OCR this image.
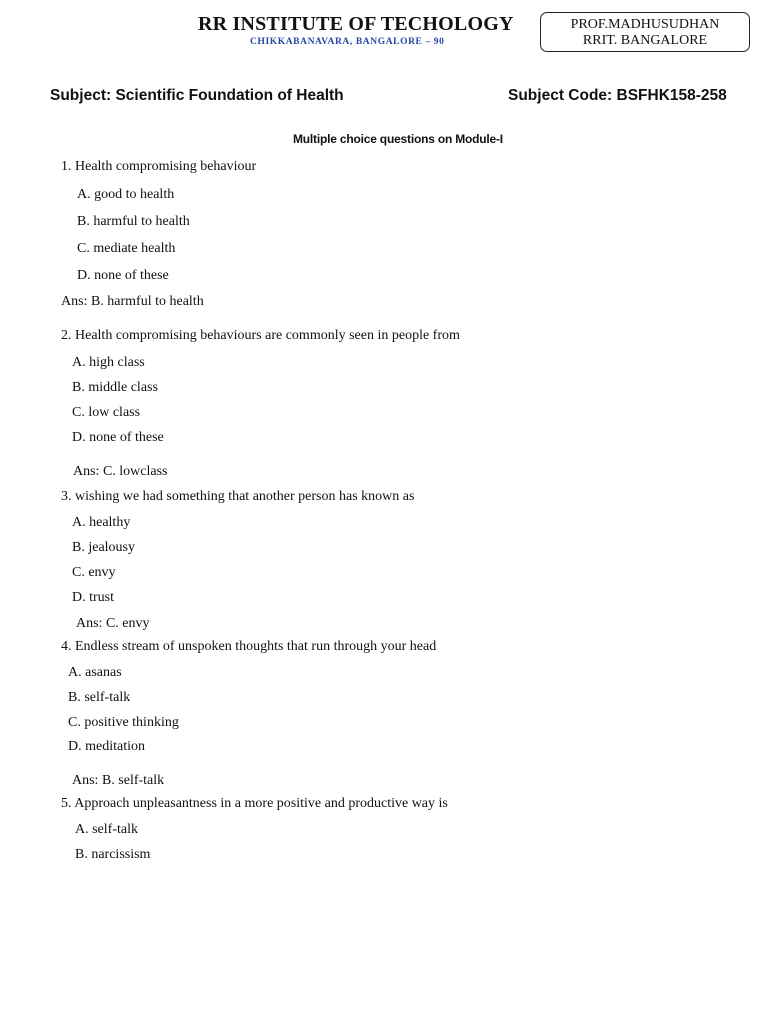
RR INSTITUTE OF TECHOLOGY
CHIKKABANAVARA, BANGALORE – 90
PROF.MADHUSUDHAN
RRIT. BANGALORE
Subject: Scientific Foundation of Health	Subject Code: BSFHK158-258
Multiple choice questions on Module-I
1. Health compromising behaviour
A. good to health
B. harmful to health
C. mediate health
D. none of these
Ans: B. harmful to health
2. Health compromising behaviours are commonly seen in people from
A. high class
B. middle class
C. low class
D. none of these
Ans: C. lowclass
3. wishing we had something that another person has known as
A. healthy
B. jealousy
C. envy
D. trust
Ans: C. envy
4. Endless stream of unspoken thoughts that run through your head
A. asanas
B. self-talk
C. positive thinking
D. meditation
Ans: B. self-talk
5. Approach unpleasantness in a more positive and productive way is
A. self-talk
B. narcissism
